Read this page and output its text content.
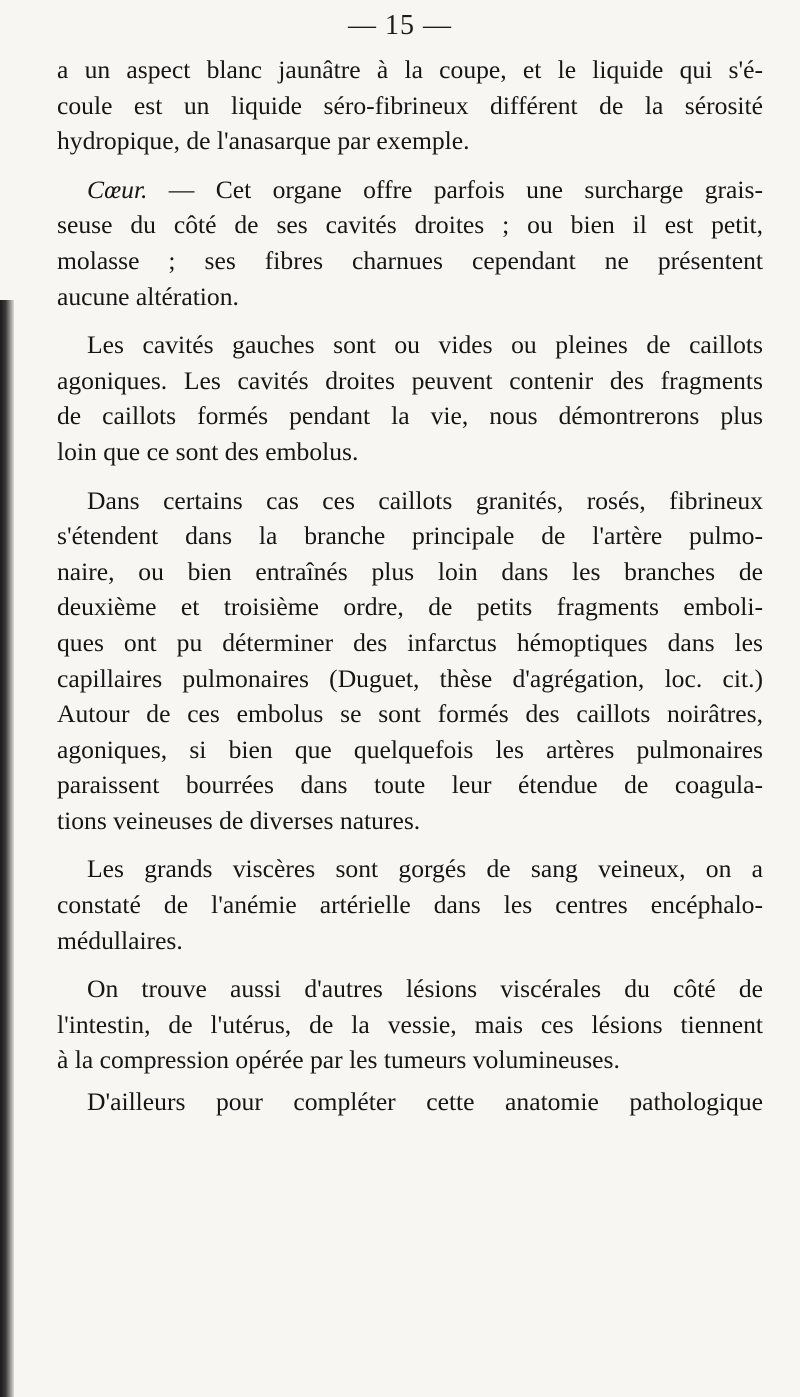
— 15 —

a un aspect blanc jaunâtre à la coupe, et le liquide qui s'é-
coule est un liquide séro-fibrineux différent de la sérosité
hydropique, de l'anasarque par exemple.

Cœur. — Cet organe offre parfois une surcharge grais-
seuse du côté de ses cavités droites ; ou bien il est petit,
molasse ; ses fibres charnues cependant ne présentent
aucune altération.

Les cavités gauches sont ou vides ou pleines de caillots
agoniques. Les cavités droites peuvent contenir des fragments
de caillots formés pendant la vie, nous démontrerons plus
loin que ce sont des embolus.

Dans certains cas ces caillots granités, rosés, fibrineux
s'étendent dans la branche principale de l'artère pulmo-
naire, ou bien entraînés plus loin dans les branches de
deuxième et troisième ordre, de petits fragments emboli-
ques ont pu déterminer des infarctus hémoptiques dans les
capillaires pulmonaires (Duguet, thèse d'agrégation, loc. cit.)
Autour de ces embolus se sont formés des caillots noirâtres,
agoniques, si bien que quelquefois les artères pulmonaires
paraissent bourrées dans toute leur étendue de coagula-
tions veineuses de diverses natures.

Les grands viscères sont gorgés de sang veineux, on a
constaté de l'anémie artérielle dans les centres encéphalo-
médullaires.

On trouve aussi d'autres lésions viscérales du côté de
l'intestin, de l'utérus, de la vessie, mais ces lésions tiennent
à la compression opérée par les tumeurs volumineuses.

D'ailleurs pour compléter cette anatomie pathologique
